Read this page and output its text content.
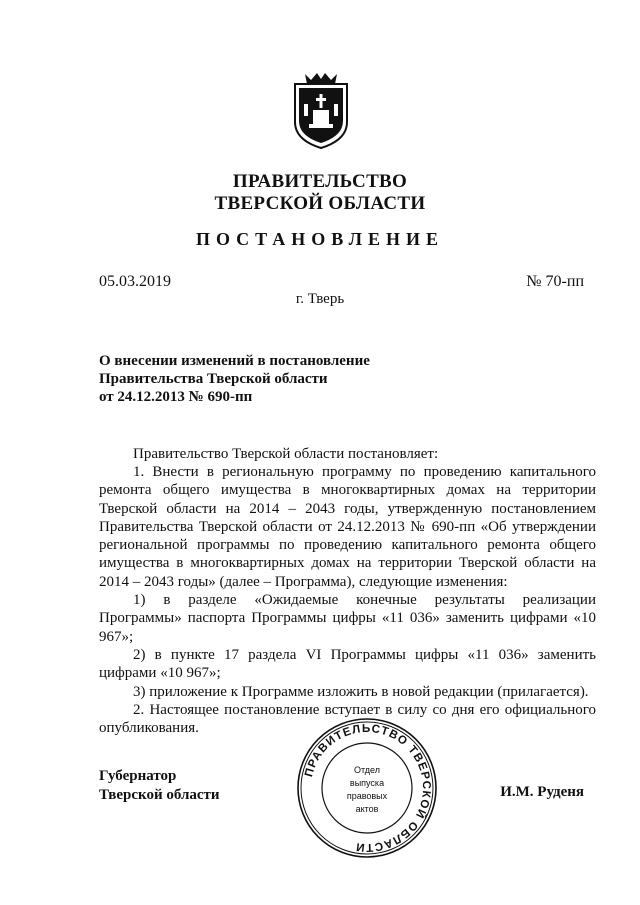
ПРАВИТЕЛЬСТВО
ТВЕРСКОЙ ОБЛАСТИ
ПОСТАНОВЛЕНИЕ
05.03.2019	№ 70-пп
г. Тверь
О внесении изменений в постановление
Правительства Тверской области
от 24.12.2013 № 690-пп
Правительство Тверской области постановляет:

1. Внести в региональную программу по проведению капитального ремонта общего имущества в многоквартирных домах на территории Тверской области на 2014 – 2043 годы, утвержденную постановлением Правительства Тверской области от 24.12.2013 № 690-пп «Об утверждении региональной программы по проведению капитального ремонта общего имущества в многоквартирных домах на территории Тверской области на 2014 – 2043 годы» (далее – Программа), следующие изменения:

1) в разделе «Ожидаемые конечные результаты реализации Программы» паспорта Программы цифры «11 036» заменить цифрами «10 967»;

2) в пункте 17 раздела VI Программы цифры «11 036» заменить цифрами «10 967»;

3) приложение к Программе изложить в новой редакции (прилагается).

2. Настоящее постановление вступает в силу со дня его официального опубликования.

Губернатор
Тверской области	И.М. Руденя
ПРАВИТЕЛЬСТВО ТВЕРСКОЙ ОБЛАСТИ
Отдел
выпуска
правовых
актов
